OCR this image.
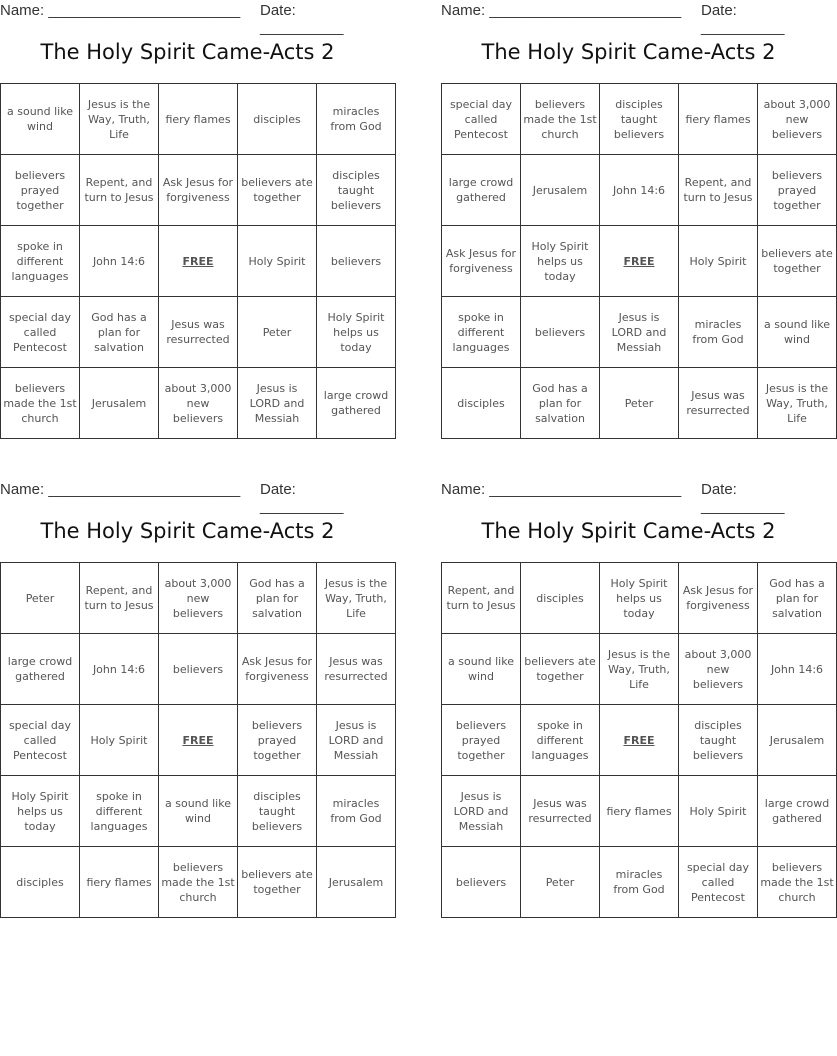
Name: _______________________ Date: __________
The Holy Spirit Came-Acts 2
a sound like wind	Jesus is the Way, Truth, Life	fiery flames	disciples	miracles from God
believers prayed together	Repent, and turn to Jesus	Ask Jesus for forgiveness	believers ate together	disciples taught believers
spoke in different languages	John 14:6	FREE	Holy Spirit	believers
special day called Pentecost	God has a plan for salvation	Jesus was resurrected	Peter	Holy Spirit helps us today
believers made the 1st church	Jerusalem	about 3,000 new believers	Jesus is LORD and Messiah	large crowd gathered
Name: _______________________ Date: __________
The Holy Spirit Came-Acts 2
special day called Pentecost	believers made the 1st church	disciples taught believers	fiery flames	about 3,000 new believers
large crowd gathered	Jerusalem	John 14:6	Repent, and turn to Jesus	believers prayed together
Ask Jesus for forgiveness	Holy Spirit helps us today	FREE	Holy Spirit	believers ate together
spoke in different languages	believers	Jesus is LORD and Messiah	miracles from God	a sound like wind
disciples	God has a plan for salvation	Peter	Jesus was resurrected	Jesus is the Way, Truth, Life
Name: _______________________ Date: __________
The Holy Spirit Came-Acts 2
Peter	Repent, and turn to Jesus	about 3,000 new believers	God has a plan for salvation	Jesus is the Way, Truth, Life
large crowd gathered	John 14:6	believers	Ask Jesus for forgiveness	Jesus was resurrected
special day called Pentecost	Holy Spirit	FREE	believers prayed together	Jesus is LORD and Messiah
Holy Spirit helps us today	spoke in different languages	a sound like wind	disciples taught believers	miracles from God
disciples	fiery flames	believers made the 1st church	believers ate together	Jerusalem
Name: _______________________ Date: __________
The Holy Spirit Came-Acts 2
Repent, and turn to Jesus	disciples	Holy Spirit helps us today	Ask Jesus for forgiveness	God has a plan for salvation
a sound like wind	believers ate together	Jesus is the Way, Truth, Life	about 3,000 new believers	John 14:6
believers prayed together	spoke in different languages	FREE	disciples taught believers	Jerusalem
Jesus is LORD and Messiah	Jesus was resurrected	fiery flames	Holy Spirit	large crowd gathered
believers	Peter	miracles from God	special day called Pentecost	believers made the 1st church
